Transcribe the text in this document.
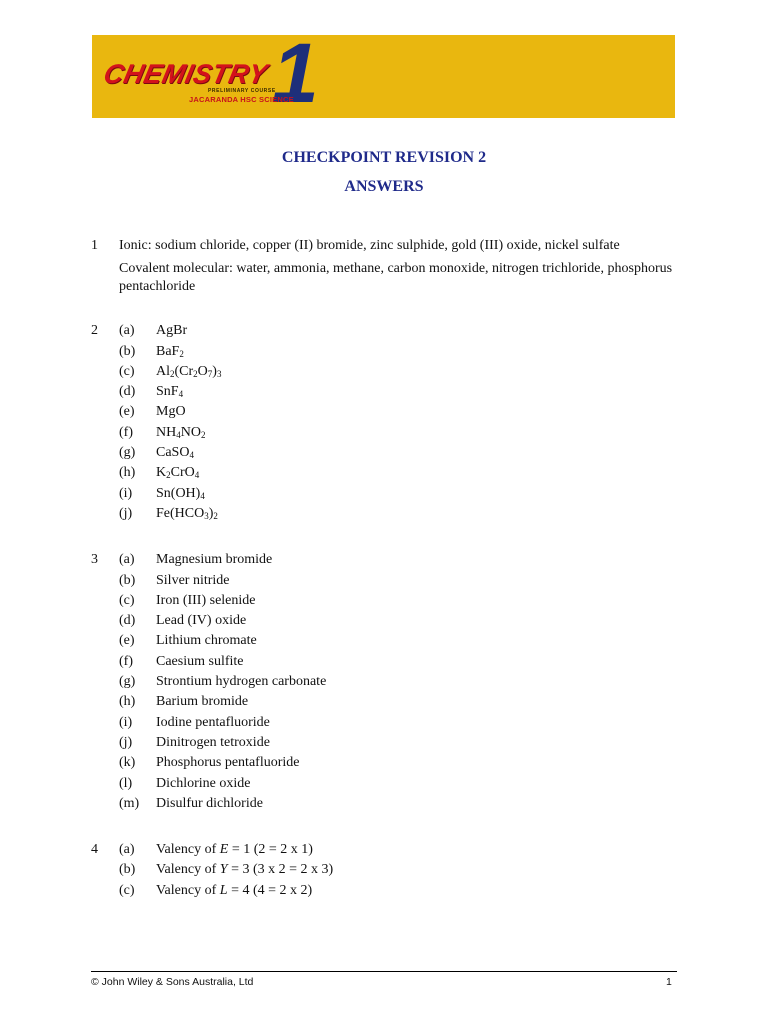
CHEMISTRY 1
PRELIMINARY COURSE
JACARANDA HSC SCIENCE
CHECKPOINT REVISION 2
ANSWERS
1 Ionic: sodium chloride, copper (II) bromide, zinc sulphide, gold (III) oxide, nickel sulfate

Covalent molecular: water, ammonia, methane, carbon monoxide, nitrogen trichloride, phosphorus pentachloride

2 (a) AgBr
(b) BaF$_2$
(c) $Al_2(Cr_2O_7)_3$
(d) SnF$_4$
(e) MgO
(f) $NH_4NO_2$
(g) CaSO$_4$
(h) $K_2CrO_4$
(i) $Sn(OH)_4$
(j) $Fe(HCO_3)_2$
3 (a) Magnesium bromide
(b) Silver nitride
(c) Iron (III) selenide
(d) Lead (IV) oxide
(e) Lithium chromate
(f) Caesium sulfite
(g) Strontium hydrogen carbonate
(h) Barium bromide
(i) Iodine pentafluoride
(j) Dinitrogen tetroxide
(k) Phosphorus pentafluoride
(l) Dichlorine oxide
(m) Disulfur dichloride
4 (a) Valency of E = 1 (2 = 2 x 1)
(b) Valency of Y = 3 (3 x 2 = 2 x 3)
(c) Valency of L = 4 (4 = 2 x 2)
© John Wiley & Sons Australia, Ltd	1
